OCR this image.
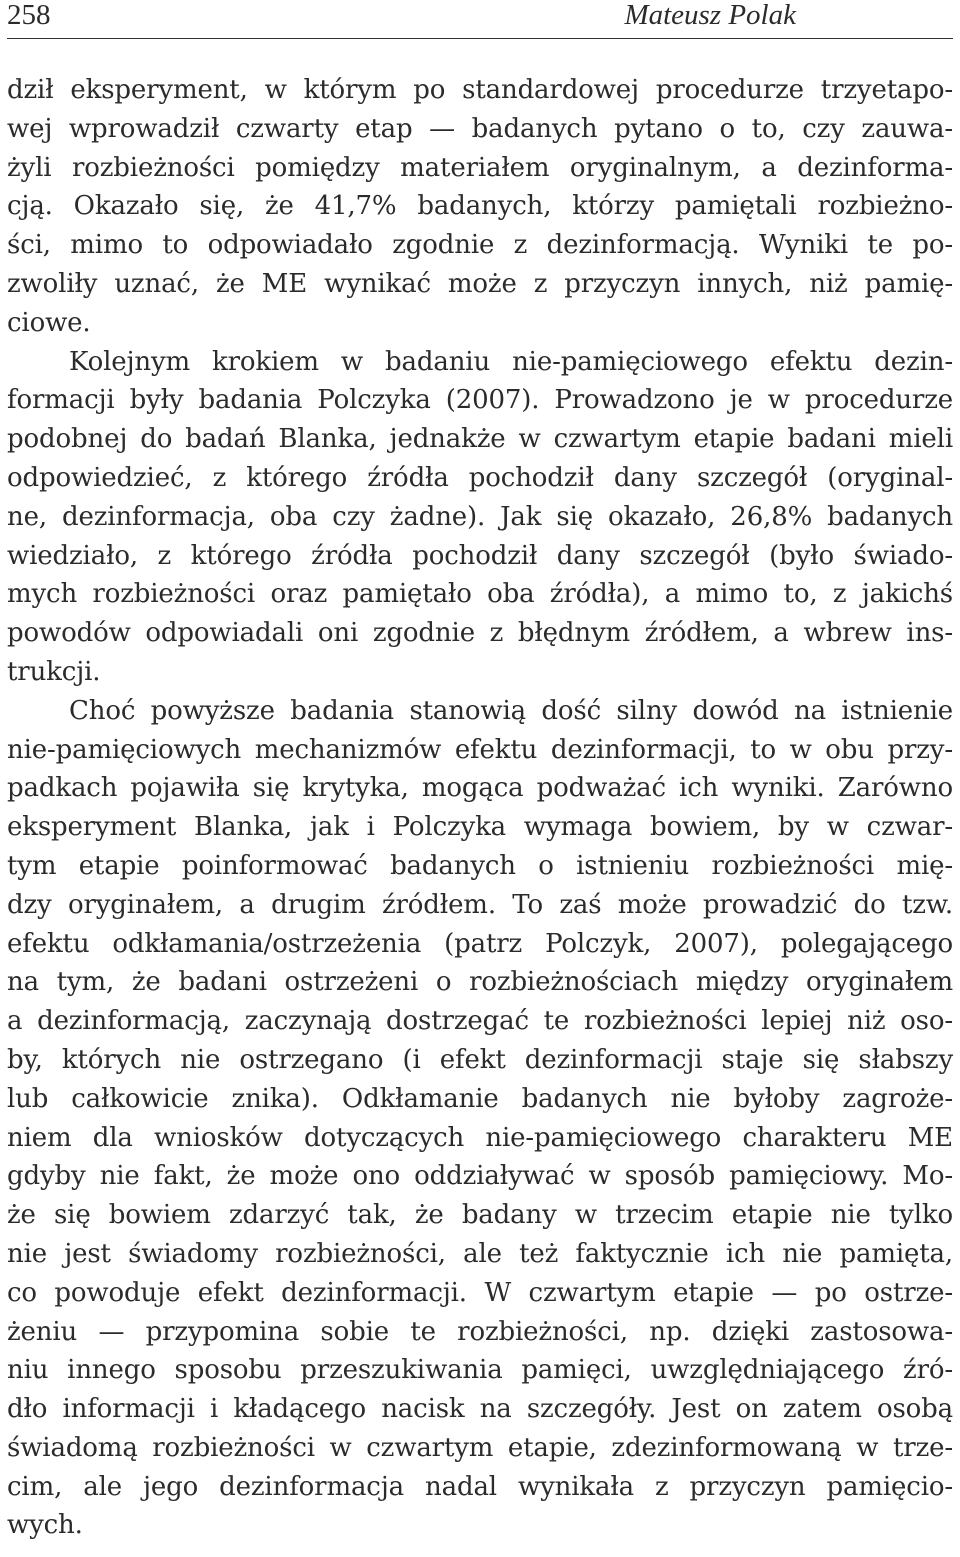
258	Mateusz Polak
dził eksperyment, w którym po standardowej procedurze trzyetapo-
wej wprowadził czwarty etap — badanych pytano o to, czy zauwa-
żyli rozbieżności pomiędzy materiałem oryginalnym, a dezinforma-
cją. Okazało się, że 41,7% badanych, którzy pamiętali rozbieżno-
ści, mimo to odpowiadało zgodnie z dezinformacją. Wyniki te po-
zwoliły uznać, że ME wynikać może z przyczyn innych, niż pamię-
ciowe.
Kolejnym krokiem w badaniu nie-pamięciowego efektu dezin-
formacji były badania Polczyka (2007). Prowadzono je w procedurze
podobnej do badań Blanka, jednakże w czwartym etapie badani mieli
odpowiedzieć, z którego źródła pochodził dany szczegół (oryginal-
ne, dezinformacja, oba czy żadne). Jak się okazało, 26,8% badanych
wiedziało, z którego źródła pochodził dany szczegół (było świado-
mych rozbieżności oraz pamiętało oba źródła), a mimo to, z jakichś
powodów odpowiadali oni zgodnie z błędnym źródłem, a wbrew ins-
trukcji.
Choć powyższe badania stanowią dość silny dowód na istnienie
nie-pamięciowych mechanizmów efektu dezinformacji, to w obu przy-
padkach pojawiła się krytyka, mogąca podważać ich wyniki. Zarówno
eksperyment Blanka, jak i Polczyka wymaga bowiem, by w czwar-
tym etapie poinformować badanych o istnieniu rozbieżności mię-
dzy oryginałem, a drugim źródłem. To zaś może prowadzić do tzw.
efektu odkłamania/ostrzeżenia (patrz Polczyk, 2007), polegającego
na tym, że badani ostrzeżeni o rozbieżnościach między oryginałem
a dezinformacją, zaczynają dostrzegać te rozbieżności lepiej niż oso-
by, których nie ostrzegano (i efekt dezinformacji staje się słabszy
lub całkowicie znika). Odkłamanie badanych nie byłoby zagroże-
niem dla wniosków dotyczących nie-pamięciowego charakteru ME
gdyby nie fakt, że może ono oddziaływać w sposób pamięciowy. Mo-
że się bowiem zdarzyć tak, że badany w trzecim etapie nie tylko
nie jest świadomy rozbieżności, ale też faktycznie ich nie pamięta,
co powoduje efekt dezinformacji. W czwartym etapie — po ostrze-
żeniu — przypomina sobie te rozbieżności, np. dzięki zastosowa-
niu innego sposobu przeszukiwania pamięci, uwzględniającego źró-
dło informacji i kładącego nacisk na szczegóły. Jest on zatem osobą
świadomą rozbieżności w czwartym etapie, zdezinformowaną w trze-
cim, ale jego dezinformacja nadal wynikała z przyczyn pamięcio-
wych.
